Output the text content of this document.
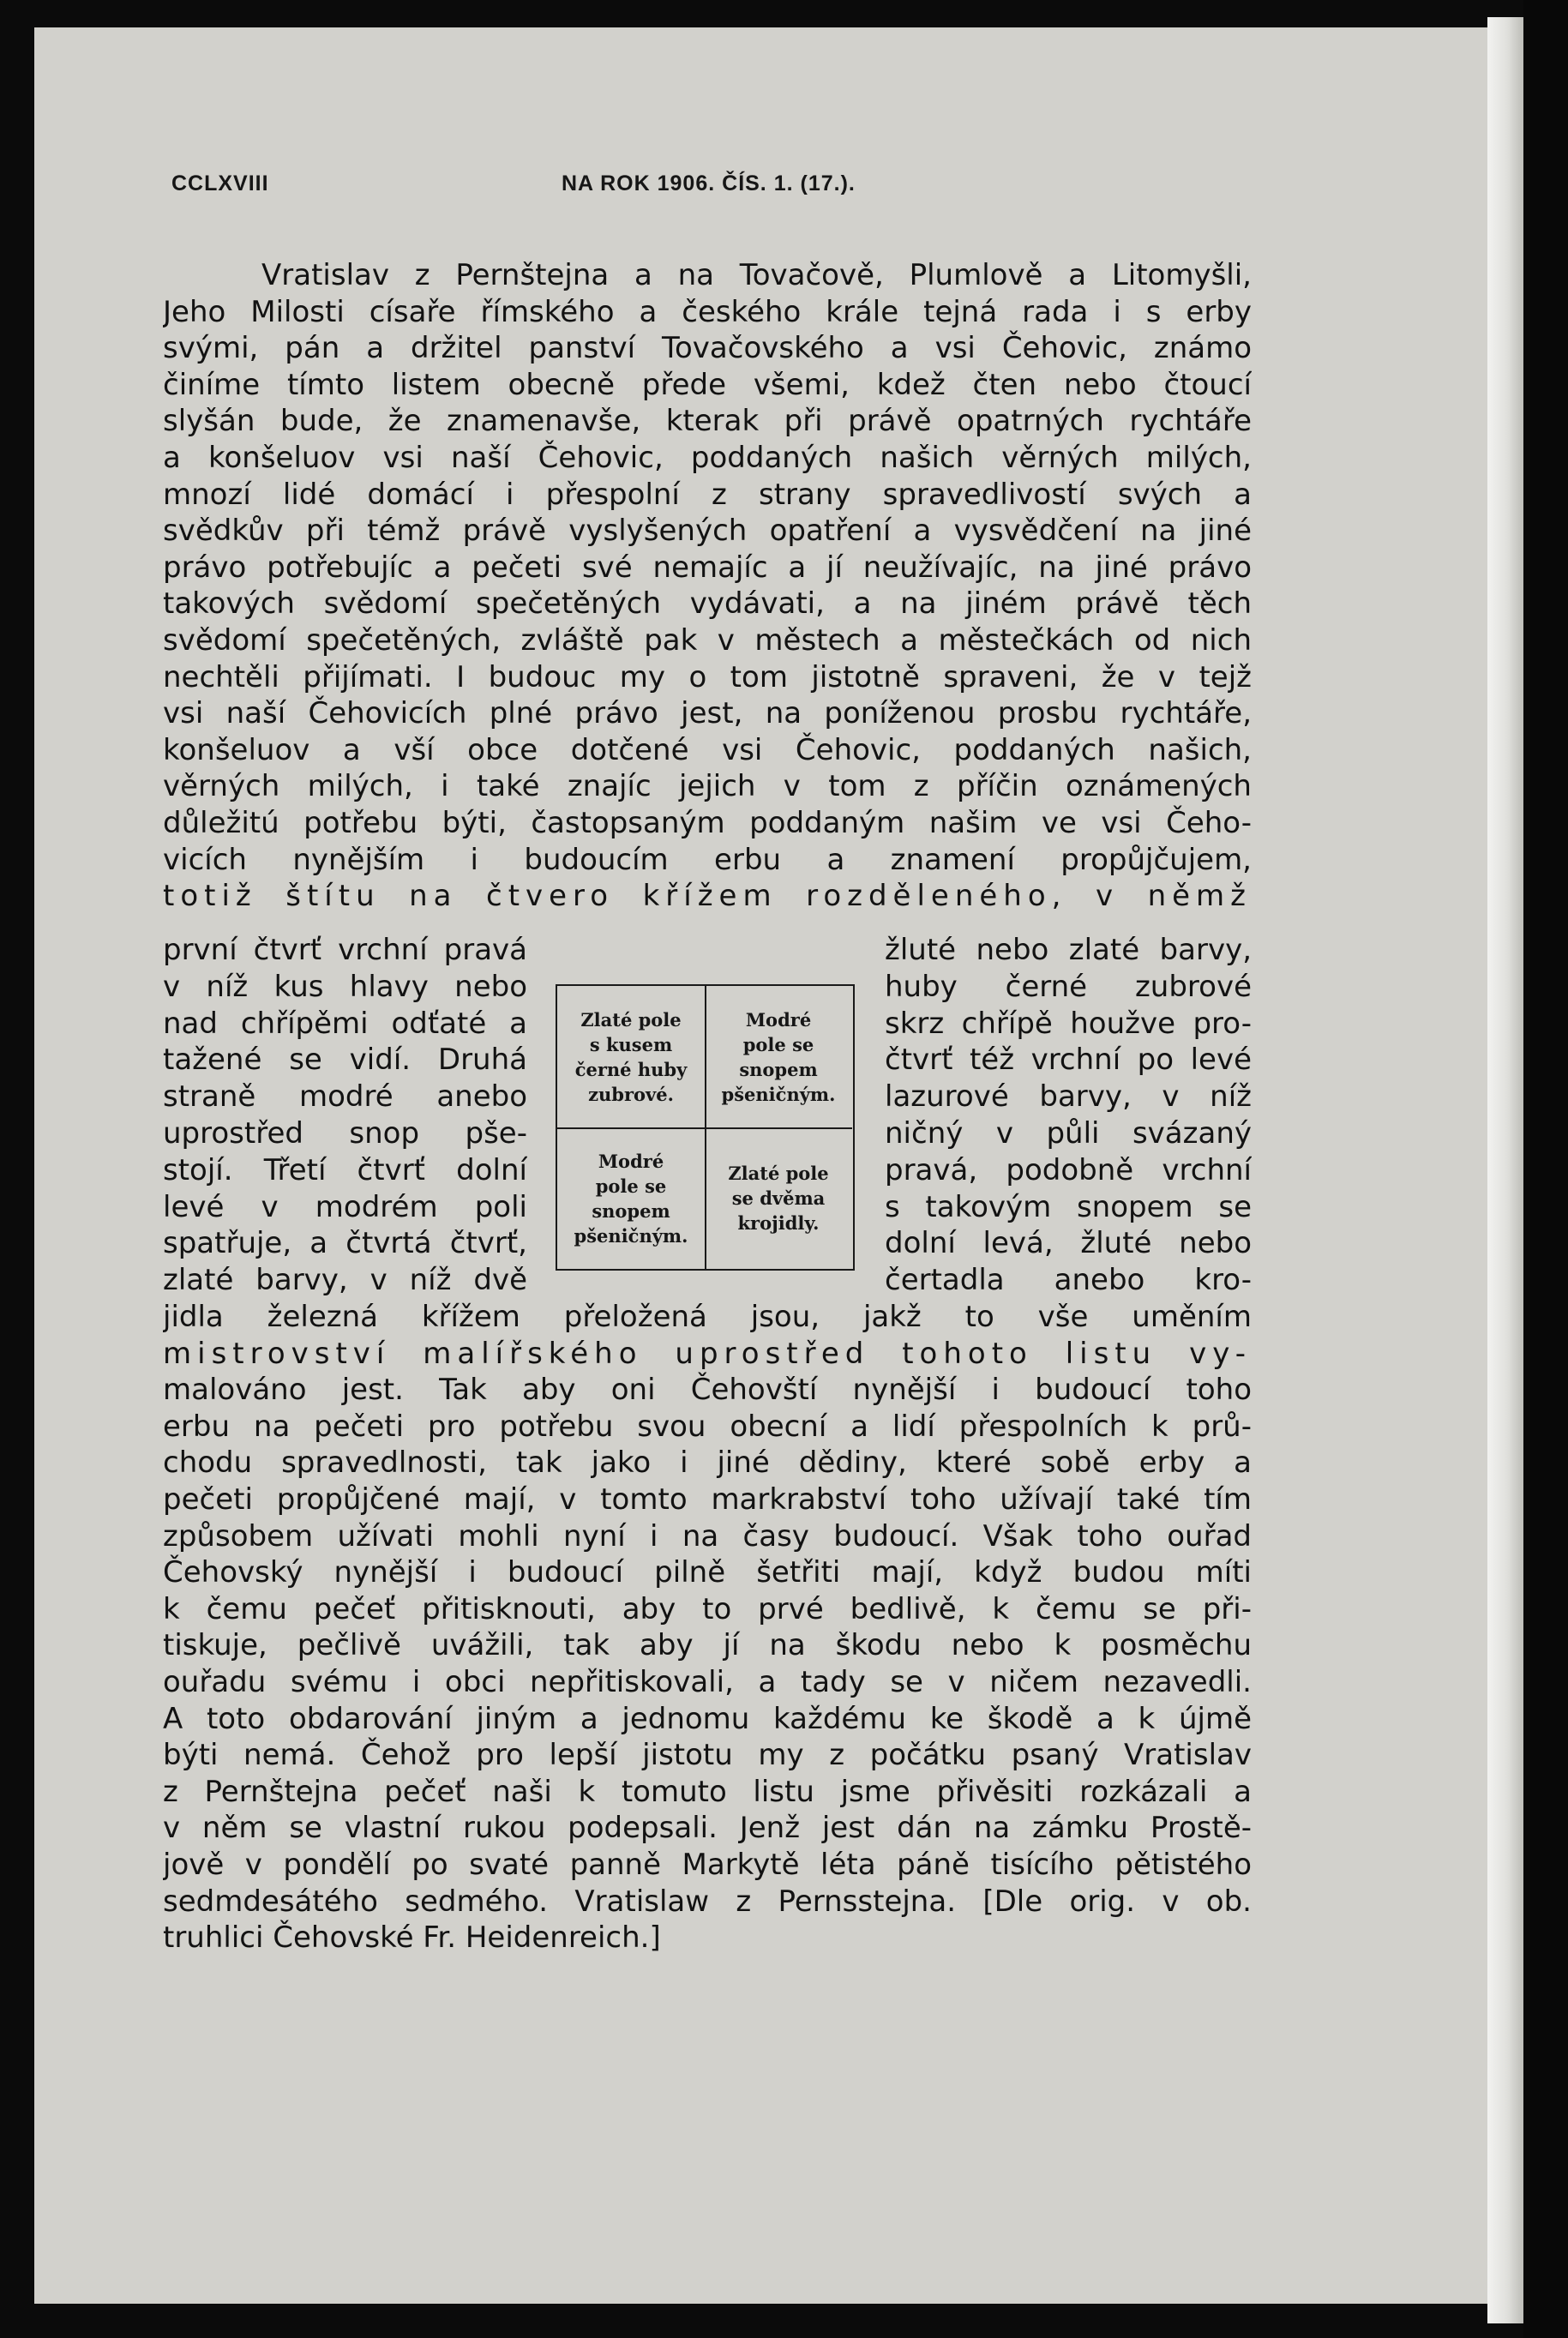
CCLXVIII	NA ROK 1906. ČÍS. 1. (17.).
Vratislav z Pernštejna a na Tovačově, Plumlově a Litomyšli,
Jeho Milosti císaře římského a českého krále tejná rada i s erby
svými, pán a držitel panství Tovačovského a vsi Čehovic, známo
činíme tímto listem obecně přede všemi, kdež čten nebo čtoucí
slyšán bude, že znamenavše, kterak při právě opatrných rychtáře
a konšeluov vsi naší Čehovic, poddaných našich věrných milých,
mnozí lidé domácí i přespolní z strany spravedlivostí svých a
svědkův při témž právě vyslyšených opatření a vysvědčení na jiné
právo potřebujíc a pečeti své nemajíc a jí neužívajíc, na jiné právo
takových svědomí spečetěných vydávati, a na jiném právě těch
svědomí spečetěných, zvláště pak v městech a městečkách od nich
nechtěli přijímati. I budouc my o tom jistotně spraveni, že v tejž
vsi naší Čehovicích plné právo jest, na poníženou prosbu rychtáře,
konšeluov a vší obce dotčené vsi Čehovic, poddaných našich,
věrných milých, i také znajíc jejich v tom z příčin oznámených
důležitú potřebu býti, častopsaným poddaným našim ve vsi Čeho-
vicích nynějším i budoucím erbu a znamení propůjčujem,
totiž štítu na čtvero křížem rozděleného, v němž
první čtvrť vrchní pravá
v níž kus hlavy nebo
nad chřípěmi odťaté a
tažené se vidí. Druhá
straně modré anebo
uprostřed snop pše-
stojí. Třetí čtvrť dolní
levé v modrém poli
spatřuje, a čtvrtá čtvrť,
zlaté barvy, v níž dvě
Zlaté pole
s kusem
černé huby
zubrové.
Modré
pole se
snopem
pšeničným.
Modré
pole se
snopem
pšeničným.
Zlaté pole
se dvěma
krojidly.
žluté nebo zlaté barvy,
huby černé zubrové
skrz chřípě houžve pro-
čtvrť též vrchní po levé
lazurové barvy, v níž
ničný v půli svázaný
pravá, podobně vrchní
s takovým snopem se
dolní levá, žluté nebo
čertadla anebo kro-
jidla železná křížem přeložená jsou, jakž to vše uměním
mistrovství malířského uprostřed tohoto listu vy-
malováno jest. Tak aby oni Čehovští nynější i budoucí toho
erbu na pečeti pro potřebu svou obecní a lidí přespolních k prů-
chodu spravedlnosti, tak jako i jiné dědiny, které sobě erby a
pečeti propůjčené mají, v tomto markrabství toho užívají také tím
způsobem užívati mohli nyní i na časy budoucí. Však toho ouřad
Čehovský nynější i budoucí pilně šetřiti mají, když budou míti
k čemu pečeť přitisknouti, aby to prvé bedlivě, k čemu se při-
tiskuje, pečlivě uvážili, tak aby jí na škodu nebo k posměchu
ouřadu svému i obci nepřitiskovali, a tady se v ničem nezavedli.
A toto obdarování jiným a jednomu každému ke škodě a k újmě
býti nemá. Čehož pro lepší jistotu my z počátku psaný Vratislav
z Pernštejna pečeť naši k tomuto listu jsme přivěsiti rozkázali a
v něm se vlastní rukou podepsali. Jenž jest dán na zámku Prostě-
jově v pondělí po svaté panně Markytě léta páně tisícího pětistého
sedmdesátého sedmého. Vratislaw z Pernsstejna. [Dle orig. v ob.
truhlici Čehovské Fr. Heidenreich.]
